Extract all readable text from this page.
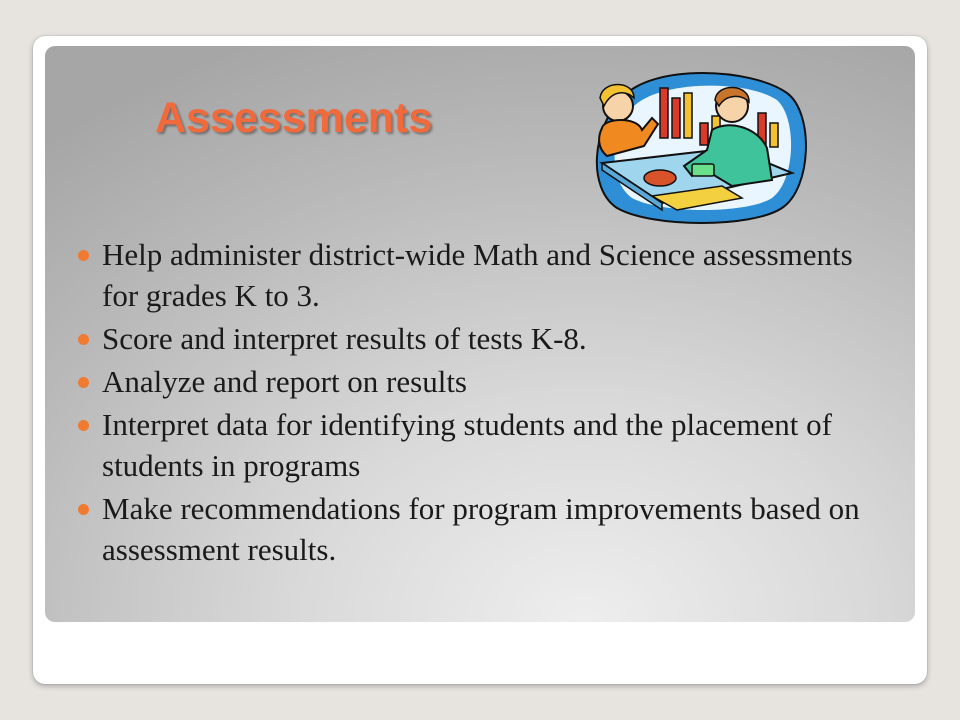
Assessments
Help administer district-wide Math and Science assessments for grades K to 3.
Score and interpret results of tests K-8.
Analyze and report on results
Interpret data for identifying students and the placement of students in programs
Make recommendations for program improvements based on assessment results.
